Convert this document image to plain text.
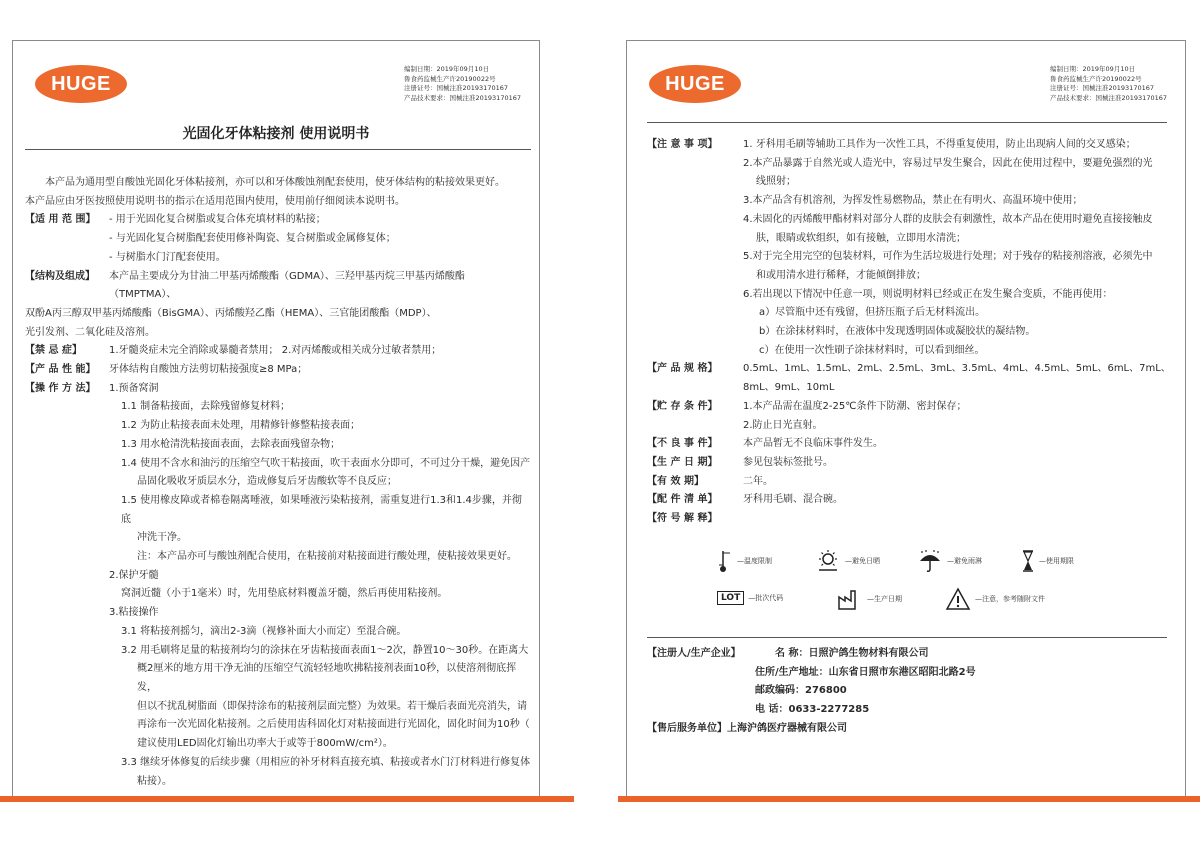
HUGE
编制日期：2019年09月10日
鲁食药监械生产许20190022号
注册证号：国械注准20193170167
产品技术要求：国械注准20193170167
光固化牙体粘接剂 使用说明书
本产品为通用型自酸蚀光固化牙体粘接剂，亦可以和牙体酸蚀剂配套使用，使牙体结构的粘接效果更好。
本产品应由牙医按照使用说明书的指示在适用范围内使用，使用前仔细阅读本说明书。
【适 用 范 围】	- 用于光固化复合树脂或复合体充填材料的粘接；
- 与光固化复合树脂配套使用修补陶瓷、复合树脂或金属修复体；
- 与树脂水门汀配套使用。
【结构及组成】	本产品主要成分为甘油二甲基丙烯酸酯（GDMA）、三羟甲基丙烷三甲基丙烯酸酯（TMPTMA）、
双酚A丙三醇双甲基丙烯酸酯（BisGMA）、丙烯酸羟乙酯（HEMA）、三官能团酸酯（MDP）、
光引发剂、二氧化硅及溶剂。
【禁 忌 症】	1.牙髓炎症未完全消除或暴髓者禁用； 2.对丙烯酸或相关成分过敏者禁用；
【产 品 性 能】	牙体结构自酸蚀方法剪切粘接强度≥8 MPa；
【操 作 方 法】	1.预备窝洞
1.1 制备粘接面，去除残留修复材料；
1.2 为防止粘接表面未处理，用精修针修整粘接表面；
1.3 用水枪清洗粘接面表面，去除表面残留杂物；
1.4 使用不含水和油污的压缩空气吹干粘接面，吹干表面水分即可，不可过分干燥，避免因产
品固化吸收牙质层水分，造成修复后牙齿酸软等不良反应；
1.5 使用橡皮障或者棉卷隔离唾液，如果唾液污染粘接剂，需重复进行1.3和1.4步骤，并彻底
冲洗干净。
注：本产品亦可与酸蚀剂配合使用，在粘接前对粘接面进行酸处理，使粘接效果更好。
2.保护牙髓
窝洞近髓（小于1毫米）时，先用垫底材料覆盖牙髓，然后再使用粘接剂。
3.粘接操作
3.1 将粘接剂摇匀，滴出2-3滴（视修补面大小而定）至混合碗。
3.2 用毛刷将足量的粘接剂均匀的涂抹在牙齿粘接面表面1～2次，静置10～30秒。在距离大
概2厘米的地方用干净无油的压缩空气流轻轻地吹拂粘接剂表面10秒，以使溶剂彻底挥发，
但以不扰乱树脂面（即保持涂布的粘接剂层面完整）为效果。若干燥后表面光亮消失，请
再涂布一次光固化粘接剂。之后使用齿科固化灯对粘接面进行光固化，固化时间为10秒（
建议使用LED固化灯输出功率大于或等于800mW/cm²）。
3.3 继续牙体修复的后续步骤（用相应的补牙材料直接充填、粘接或者水门汀材料进行修复体
粘接）。
HUGE
编制日期：2019年09月10日
鲁食药监械生产许20190022号
注册证号：国械注准20193170167
产品技术要求：国械注准20193170167
【注 意 事 项】	1. 牙科用毛刷等辅助工具作为一次性工具，不得重复使用，防止出现病人间的交叉感染；
2.本产品暴露于自然光或人造光中，容易过早发生聚合，因此在使用过程中，要避免强烈的光
线照射；
3.本产品含有机溶剂，为挥发性易燃物品，禁止在有明火、高温环境中使用；
4.未固化的丙烯酸甲酯材料对部分人群的皮肤会有刺激性，故本产品在使用时避免直接接触皮
肤，眼睛或软组织，如有接触，立即用水清洗；
5.对于完全用完空的包装材料，可作为生活垃圾进行处理；对于残存的粘接剂溶液，必须先中
和或用清水进行稀释，才能倾倒排放；
6.若出现以下情况中任意一项，则说明材料已经或正在发生聚合变质，不能再使用：
a）尽管瓶中还有残留，但挤压瓶子后无材料流出。
b）在涂抹材料时，在液体中发现透明固体或凝胶状的凝结物。
c）在使用一次性刷子涂抹材料时，可以看到细丝。
【产 品 规 格】	0.5mL、1mL、1.5mL、2mL、2.5mL、3mL、3.5mL、4mL、4.5mL、5mL、6mL、7mL、
8mL、9mL、10mL
【贮 存 条 件】	1.本产品需在温度2-25℃条件下防潮、密封保存；
2.防止日光直射。
【不 良 事 件】	本产品暂无不良临床事件发生。
【生 产 日 期】	参见包装标签批号。
【有 效 期】	二年。
【配 件 清 单】	牙科用毛刷、混合碗。
【符 号 解 释】
—温度限制	—避免日晒	—避免雨淋	—使用期限
LOT	—批次代码	—生产日期	—注意，参考随附文件
【注册人/生产企业】	名 称： 日照沪鸽生物材料有限公司
住所/生产地址： 山东省日照市东港区昭阳北路2号
邮政编码： 276800
电 话： 0633-2277285
【售后服务单位】 上海沪鸽医疗器械有限公司
